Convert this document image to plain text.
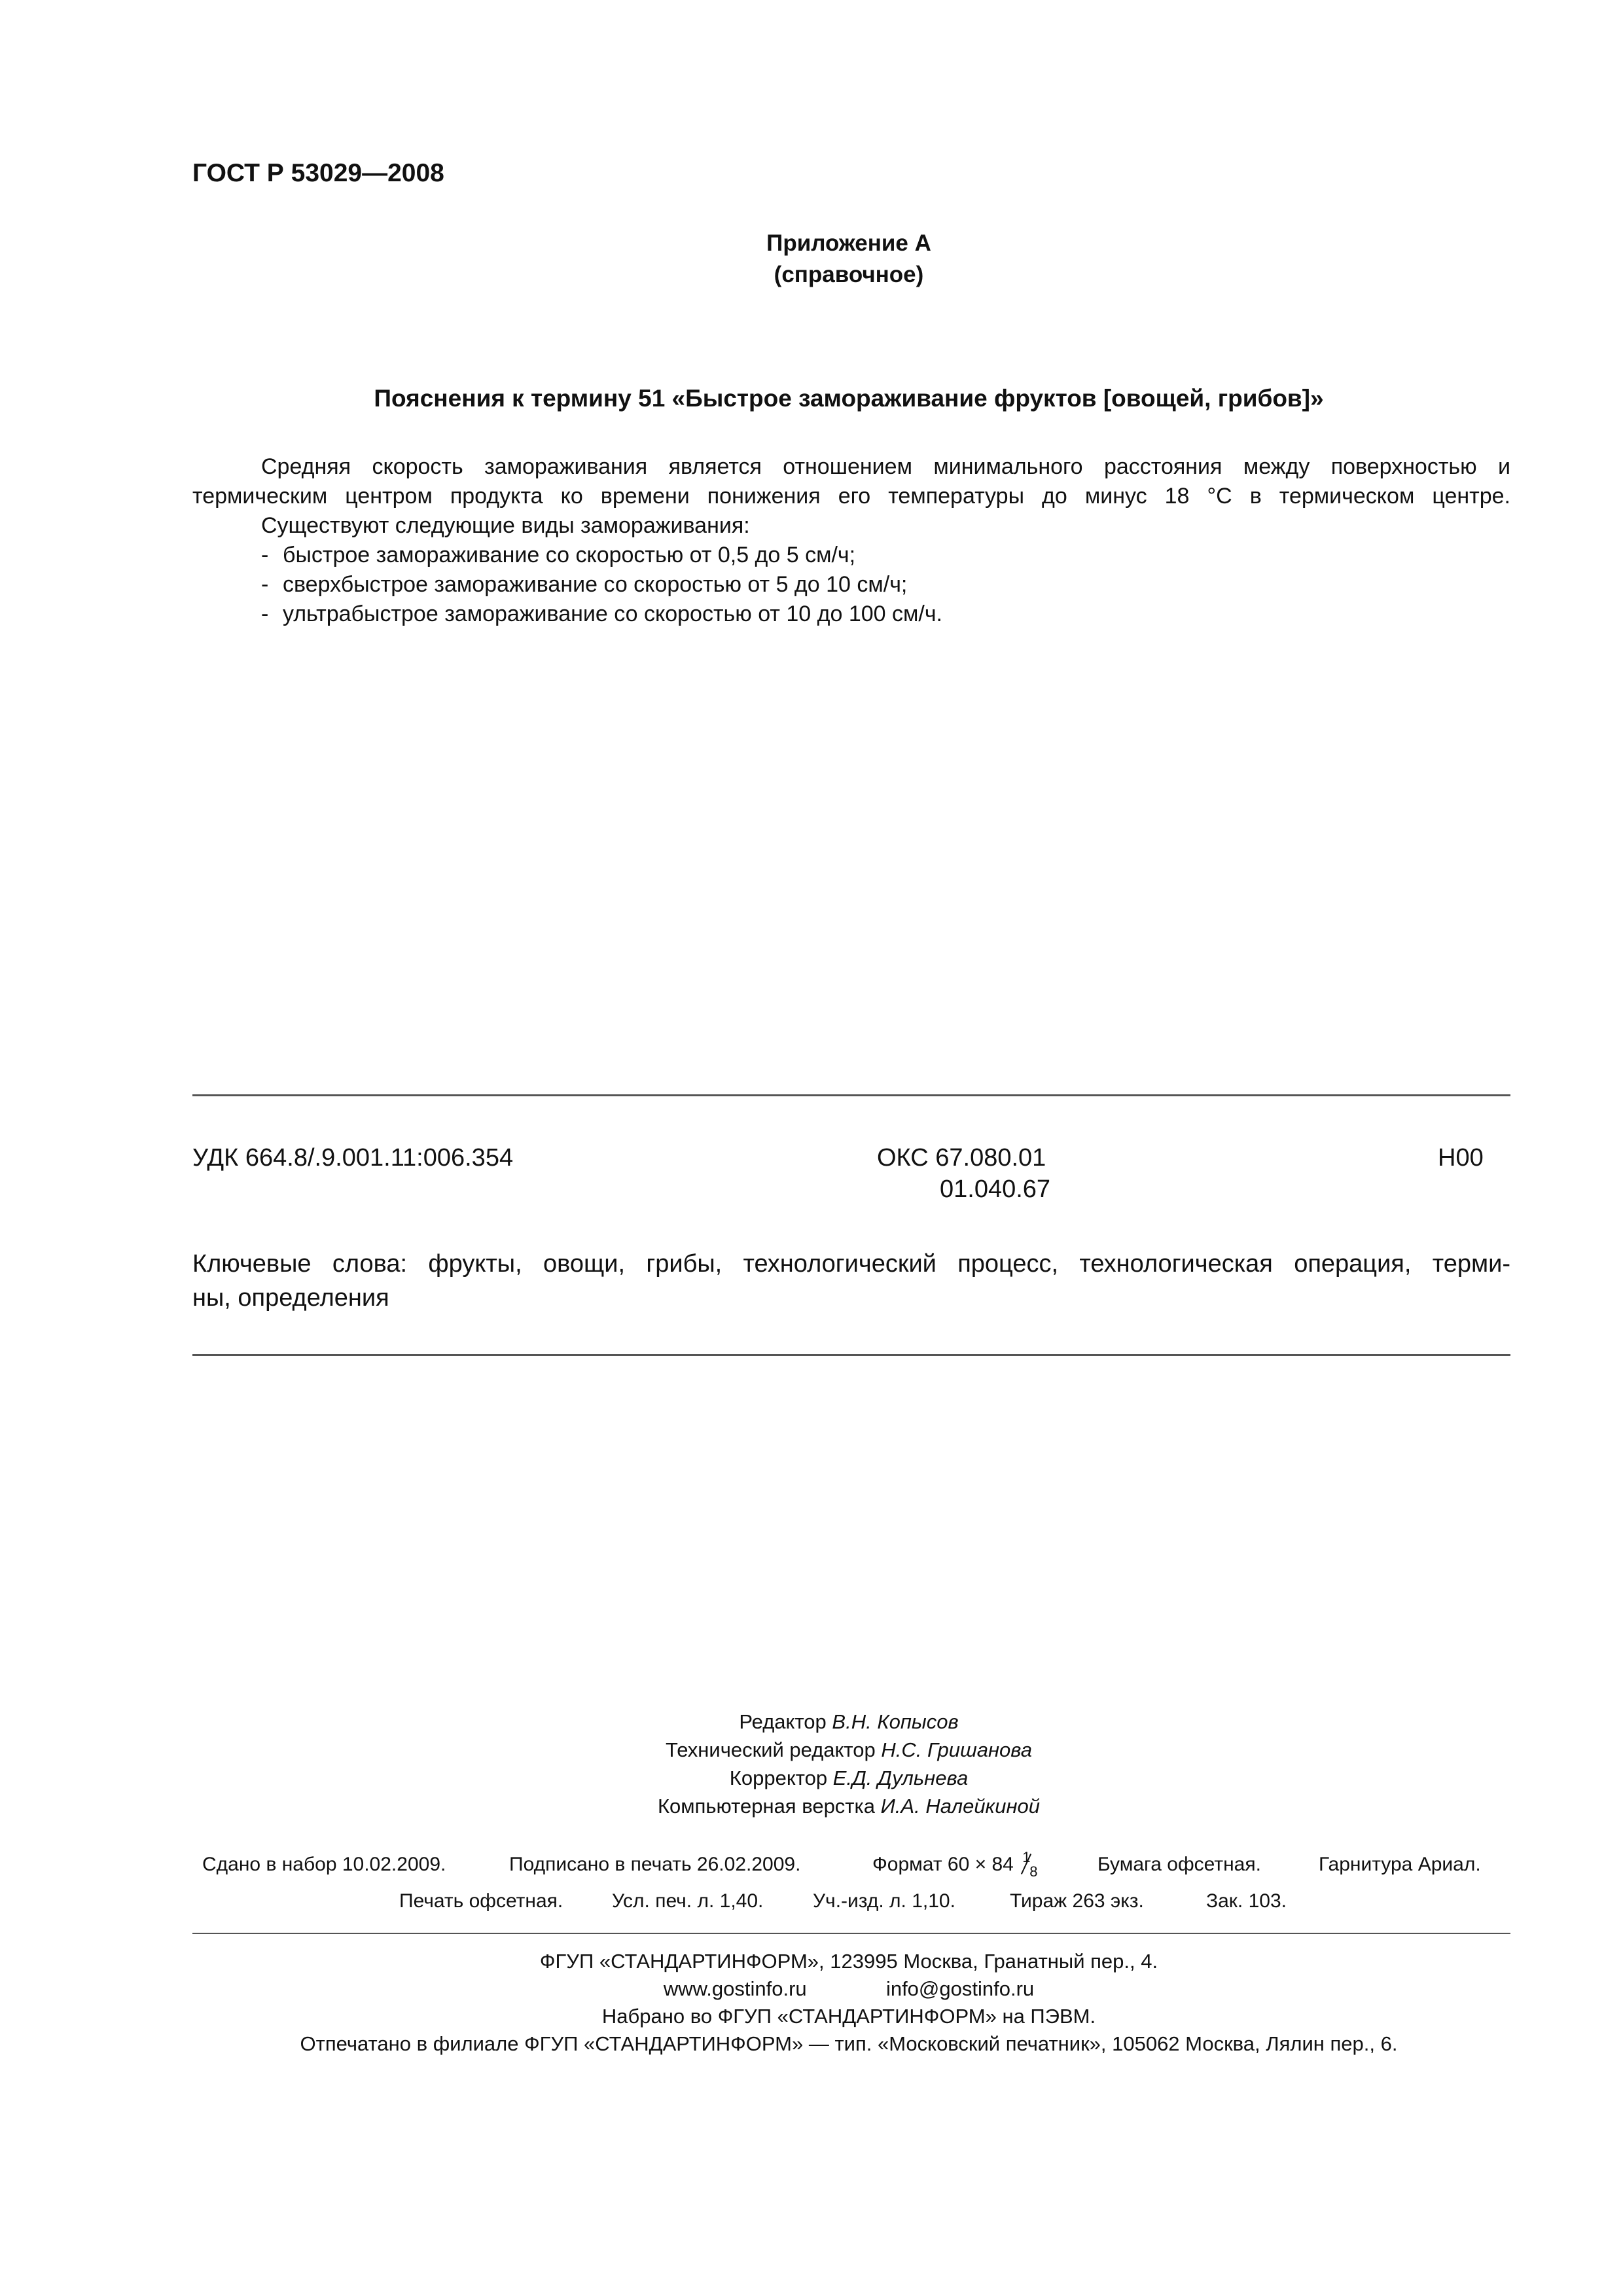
ГОСТ Р 53029—2008
Приложение А
(справочное)
Пояснения к термину 51 «Быстрое замораживание фруктов [овощей, грибов]»
Средняя скорость замораживания является отношением минимального расстояния между поверхностью и
термическим центром продукта ко времени понижения его температуры до минус 18 °С в термическом центре.
Существуют следующие виды замораживания:
- быстрое замораживание со скоростью от 0,5 до 5 см/ч;
- сверхбыстрое замораживание со скоростью от 5 до 10 см/ч;
- ультрабыстрое замораживание со скоростью от 10 до 100 см/ч.
УДК 664.8/.9.001.11:006.354	ОКС 67.080.01
01.040.67
Н00
Ключевые слова: фрукты, овощи, грибы, технологический процесс, технологическая операция, терми-
ны, определения
Редактор В.Н. Копысов
Технический редактор Н.С. Гришанова
Корректор Е.Д. Дульнева
Компьютерная верстка И.А. Налейкиной
Сдано в набор 10.02.2009.	Подписано в печать 26.02.2009.	Формат 60 × 84 1
8	Бумага офсетная.	Гарнитура Ариал.
Печать офсетная. Усл. печ. л. 1,40.	Уч.-изд. л. 1,10.	Тираж 263 экз.	Зак. 103.
ФГУП «СТАНДАРТИНФОРМ», 123995 Москва, Гранатный пер., 4.
www.gostinfo.ru	info@gostinfo.ru
Набрано во ФГУП «СТАНДАРТИНФОРМ» на ПЭВМ.
Отпечатано в филиале ФГУП «СТАНДАРТИНФОРМ» — тип. «Московский печатник», 105062 Москва, Лялин пер., 6.
